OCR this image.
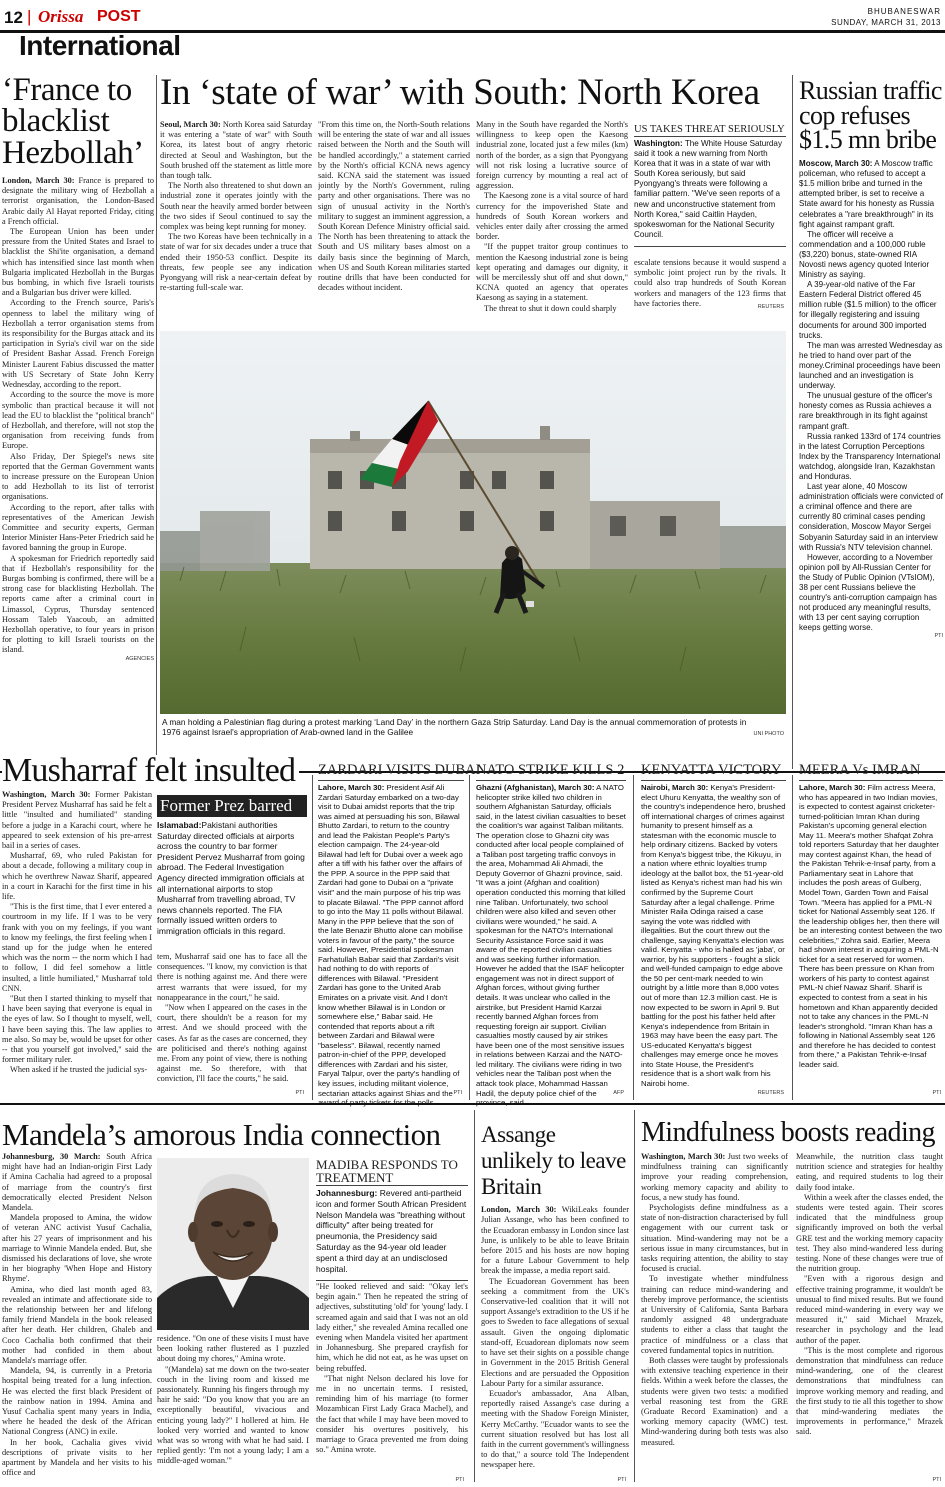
12 | Orissa POST	BHUBANESWAR
SUNDAY, MARCH 31, 2013
International
‘France to blacklist Hezbollah’

London, March 30: France is prepared to designate the military wing of Hezbollah a terrorist organisation, the London-Based Arabic daily Al Hayat reported Friday, citing a French official.

The European Union has been under pressure from the United States and Israel to blacklist the Shi'ite organisation, a demand which has intensified since last month when Bulgaria implicated Hezbollah in the Burgas bus bombing, in which five Israeli tourists and a Bulgarian bus driver were killed.

According to the French source, Paris's openness to label the military wing of Hezbollah a terror organisation stems from its responsibility for the Burgas attack and its participation in Syria's civil war on the side of President Bashar Assad. French Foreign Minister Laurent Fabius discussed the matter with US Secretary of State John Kerry Wednesday, according to the report.

According to the source the move is more symbolic than practical because it will not lead the EU to blacklist the "political branch" of Hezbollah, and therefore, will not stop the organisation from receiving funds from Europe.

Also Friday, Der Spiegel's news site reported that the German Government wants to increase pressure on the European Union to add Hezbollah to its list of terrorist organisations.

According to the report, after talks with representatives of the American Jewish Committee and security experts, German Interior Minister Hans-Peter Friedrich said he favored banning the group in Europe.

A spokesman for Friedrich reportedly said that if Hezbollah's responsibility for the Burgas bombing is confirmed, there will be a strong case for blacklisting Hezbollah. The reports came after a criminal court in Limassol, Cyprus, Thursday sentenced Hossam Taleb Yaacoub, an admitted Hezbollah operative, to four years in prison for plotting to kill Israeli tourists on the island.

AGENCIES
In ‘state of war’ with South: North Korea

Seoul, March 30: North Korea said Saturday it was entering a "state of war" with South Korea, its latest bout of angry rhetoric directed at Seoul and Washington, but the South brushed off the statement as little more than tough talk.

The North also threatened to shut down an industrial zone it operates jointly with the South near the heavily armed border between the two sides if Seoul continued to say the complex was being kept running for money.

The two Koreas have been technically in a state of war for six decades under a truce that ended their 1950-53 conflict. Despite its threats, few people see any indication Pyongyang will risk a near-certain defeat by re-starting full-scale war.

"From this time on, the North-South relations will be entering the state of war and all issues raised between the North and the South will be handled accordingly," a statement carried by the North's official KCNA news agency said. KCNA said the statement was issued jointly by the North's Government, ruling party and other organisations. There was no sign of unusual activity in the North's military to suggest an imminent aggression, a South Korean Defence Ministry official said. The North has been threatening to attack the South and US military bases almost on a daily basis since the beginning of March, when US and South Korean militaries started routine drills that have been conducted for decades without incident.

Many in the South have regarded the North's willingness to keep open the Kaesong industrial zone, located just a few miles (km) north of the border, as a sign that Pyongyang will not risk losing a lucrative source of foreign currency by mounting a real act of aggression.

The Kaesong zone is a vital source of hard currency for the impoverished State and hundreds of South Korean workers and vehicles enter daily after crossing the armed border.

"If the puppet traitor group continues to mention the Kaesong industrial zone is being kept operating and damages our dignity, it will be mercilessly shut off and shut down," KCNA quoted an agency that operates Kaesong as saying in a statement.

The threat to shut it down could sharply

US TAKES THREAT SERIOUSLY
Washington: The White House Saturday said it took a new warning from North Korea that it was in a state of war with South Korea seriously, but said Pyongyang's threats were following a familiar pattern. "We've seen reports of a new and unconstructive statement from North Korea," said Caitlin Hayden, spokeswoman for the National Security Council.

escalate tensions because it would suspend a symbolic joint project run by the rivals. It could also trap hundreds of South Korean workers and managers of the 123 firms that have factories there.	REUTERS
A man holding a Palestinian flag during a protest marking ‘Land Day’ in the northern Gaza Strip Saturday. Land Day is the annual commemoration of protests in 1976 against Israel's appropriation of Arab-owned land in the Galilee	UNI PHOTO
Russian traffic cop refuses $1.5 mn bribe

Moscow, March 30: A Moscow traffic policeman, who refused to accept a $1.5 million bribe and turned in the attempted briber, is set to receive a State award for his honesty as Russia celebrates a "rare breakthrough" in its fight against rampant graft.

The officer will receive a commendation and a 100,000 ruble ($3,220) bonus, state-owned RIA Novosti news agency quoted Interior Ministry as saying.

A 39-year-old native of the Far Eastern Federal District offered 45 million ruble ($1.5 million) to the officer for illegally registering and issuing documents for around 300 imported trucks.

The man was arrested Wednesday as he tried to hand over part of the money.Criminal proceedings have been launched and an investigation is underway.

The unusual gesture of the officer's honesty comes as Russia achieves a rare breakthrough in its fight against rampant graft.

Russia ranked 133rd of 174 countries in the latest Corruption Perceptions Index by the Transparency International watchdog, alongside Iran, Kazakhstan and Honduras.

Last year alone, 40 Moscow administration officials were convicted of a criminal offence and there are currently 80 criminal cases pending consideration, Moscow Mayor Sergei Sobyanin Saturday said in an interview with Russia's NTV television channel.

However, according to a November opinion poll by All-Russian Center for the Study of Public Opinion (VTsIOM), 38 per cent Russians believe the country's anti-corruption campaign has not produced any meaningful results, with 13 per cent saying corruption keeps getting worse.

PTI
Musharraf felt insulted

Washington, March 30: Former Pakistan President Pervez Musharraf has said he felt a little "insulted and humiliated" standing before a judge in a Karachi court, where he appeared to seek extension of his pre-arrest bail in a series of cases.

Musharraf, 69, who ruled Pakistan for about a decade, following a military coup in which he overthrew Nawaz Sharif, appeared in a court in Karachi for the first time in his life.

"This is the first time, that I ever entered a courtroom in my life. If I was to be very frank with you on my feelings, if you want to know my feelings, the first feeling when I stand up for the judge when he entered which was the norm -- the norm which I had to follow, I did feel somehow a little insulted, a little humiliated," Musharraf told CNN.

"But then I started thinking to myself that I have been saying that everyone is equal in the eyes of law. So I thought to myself, well, I have been saying this. The law applies to me also. So may be, would be upset for other -- that you yourself got involved," said the former military ruler.

When asked if he trusted the judicial sys-

Former Prez barred
Islamabad:Pakistani authorities Saturday directed officials at airports across the country to bar former President Pervez Musharraf from going abroad. The Federal Investigation Agency directed immigration officials at all international airports to stop Musharraf from travelling abroad, TV news channels reported. The FIA formally issued written orders to immigration officials in this regard.

tem, Musharraf said one has to face all the consequences. "I know, my conviction is that there is nothing against me. And there were arrest warrants that were issued, for my nonappearance in the court," he said.

"Now when I appeared on the cases in the court, there shouldn't be a reason for my arrest. And we should proceed with the cases. As far as the cases are concerned, they are politicised and there's nothing against me. From any point of view, there is nothing against me. So therefore, with that conviction, I'll face the courts," he said.

PTI
ZARDARI VISITS DUBAI
Lahore, March 30: President Asif Ali Zardari Saturday embarked on a two-day visit to Dubai amidst reports that the trip was aimed at persuading his son, Bilawal Bhutto Zardari, to return to the country and lead the Pakistan People's Party's election campaign. The 24-year-old Bilawal had left for Dubai over a week ago after a tiff with his father over the affairs of the PPP. A source in the PPP said that Zardari had gone to Dubai on a "private visit" and the main purpose of his trip was to placate Bilawal. "The PPP cannot afford to go into the May 11 polls without Bilawal. Many in the PPP believe that the son of the late Benazir Bhutto alone can mobilise voters in favour of the party," the source said. However, Presidential spokesman Farhatullah Babar said that Zardari's visit had nothing to do with reports of differences with Bilawal. "President Zardari has gone to the United Arab Emirates on a private visit. And I don't know whether Bilawal is in London or somewhere else," Babar said. He contended that reports about a rift between Zardari and Bilawal were "baseless". Bilawal, recently named patron-in-chief of the PPP, developed differences with Zardari and his sister, Faryal Talpur, over the party's handling of key issues, including militant violence, sectarian attacks against Shias and the award of party tickets for the polls.
PTI
NATO STRIKE KILLS 2
Ghazni (Afghanistan), March 30: A NATO helicopter strike killed two children in southern Afghanistan Saturday, officials said, in the latest civilian casualties to beset the coalition's war against Taliban militants. The operation close to Ghazni city was conducted after local people complained of a Taliban post targeting traffic convoys in the area, Mohammad Ali Ahmadi, the Deputy Governor of Ghazni province, said. "It was a joint (Afghan and coalition) operation conducted this morning that killed nine Taliban. Unfortunately, two school children were also killed and seven other civilians were wounded," he said. A spokesman for the NATO's International Security Assistance Force said it was aware of the reported civilian casualties and was seeking further information. However he added that the ISAF helicopter engagement was not in direct support of Afghan forces, without giving further details. It was unclear who called in the airstrike, but President Hamid Karzai recently banned Afghan forces from requesting foreign air support. Civilian casualties mostly caused by air strikes have been one of the most sensitive issues in relations between Karzai and the NATO-led military. The civilians were riding in two vehicles near the Taliban post when the attack took place, Mohammad Hassan Hadil, the deputy police chief of the province, said.
AFP
KENYATTA VICTORY
Nairobi, March 30: Kenya's President-elect Uhuru Kenyatta, the wealthy son of the country's independence hero, brushed off international charges of crimes against humanity to present himself as a statesman with the economic muscle to help ordinary citizens. Backed by voters from Kenya's biggest tribe, the Kikuyu, in a nation where ethnic loyalties trump ideology at the ballot box, the 51-year-old listed as Kenya's richest man had his win confirmed by the Supreme Court Saturday after a legal challenge. Prime Minister Raila Odinga raised a case saying the vote was riddled with illegalities. But the court threw out the challenge, saying Kenyatta's election was valid. Kenyatta - who is hailed as 'jaba', or warrior, by his supporters - fought a slick and well-funded campaign to edge above the 50 per cent-mark needed to win outright by a little more than 8,000 votes out of more than 12.3 million cast. He is now expected to be sworn in April 9. But battling for the post his father held after Kenya's independence from Britain in 1963 may have been the easy part. The US-educated Kenyatta's biggest challenges may emerge once he moves into State House, the President's residence that is a short walk from his Nairobi home.
REUTERS
MEERA Vs IMRAN
Lahore, March 30: Film actress Meera, who has appeared in two Indian movies, is expected to contest against cricketer-turned-politician Imran Khan during Pakistan's upcoming general election May 11. Meera's mother Shafqat Zohra told reporters Saturday that her daughter may contest against Khan, the head of the Pakistan Tehrik-e-Insaf party, from a Parliamentary seat in Lahore that includes the posh areas of Gulberg, Model Town, Garden Town and Faisal Town. "Meera has applied for a PML-N ticket for National Assembly seat 126. If the leadership obliges her, then there will be an interesting contest between the two celebrities," Zohra said. Earlier, Meera had shown interest in acquiring a PML-N ticket for a seat reserved for women. There has been pressure on Khan from workers of his party to contest against PML-N chief Nawaz Sharif. Sharif is expected to contest from a seat in his hometown and Khan apparently decided not to take any chances in the PML-N leader's stronghold. "Imran Khan has a following in National Assembly seat 126 and therefore he has decided to contest from there," a Pakistan Tehrik-e-Insaf leader said.
PTI
Mandela’s amorous India connection

Johannesburg, 30 March: South Africa might have had an Indian-origin First Lady if Amina Cachalia had agreed to a proposal of marriage from the country's first democratically elected President Nelson Mandela.

Mandela proposed to Amina, the widow of veteran ANC activist Yusuf Cachalia, after his 27 years of imprisonment and his marriage to Winnie Mandela ended. But, she dismissed his declarations of love, she wrote in her biography 'When Hope and History Rhyme'.

Amina, who died last month aged 83, revealed an intimate and affectionate side to the relationship between her and lifelong family friend Mandela in the book released after her death. Her children, Ghaleb and Coco Cachalia both confirmed that their mother had confided in them about Mandela's marriage offer.

Mandela, 94, is currently in a Pretoria hospital being treated for a lung infection. He was elected the first black President of the rainbow nation in 1994. Amina and Yusuf Cachalia spent many years in India, where he headed the desk of the African National Congress (ANC) in exile.

In her book, Cachalia gives vivid descriptions of private visits to her apartment by Mandela and her visits to his office and

MADIBA RESPONDS TO TREATMENT
Johannesburg: Revered anti-partheid icon and former South African President Nelson Mandela was "breathing without difficulty" after being treated for pneumonia, the Presidency said Saturday as the 94-year old leader spent a third day at an undisclosed hospital.

residence. "On one of these visits I must have been looking rather flustered as I puzzled about doing my chores," Amina wrote.

"(Mandela) sat me down on the two-seater couch in the living room and kissed me passionately. Running his fingers through my hair he said: "Do you know that you are an exceptionally beautiful, vivacious and enticing young lady?" I hollered at him. He looked very worried and wanted to know what was so wrong with what he had said. I replied gently: 'I'm not a young lady; I am a middle-aged woman.'"

"He looked relieved and said: "Okay let's begin again." Then he repeated the string of adjectives, substituting 'old' for 'young' lady. I screamed again and said that I was not an old lady either," she revealed Amina recalled one evening when Mandela visited her apartment in Johannesburg. She prepared crayfish for him, which he did not eat, as he was upset on being rebuffed.

"That night Nelson declared his love for me in no uncertain terms. I resisted, reminding him of his marriage (to former Mozambican First Lady Graca Machel), and the fact that while I may have been moved to consider his overtures positively, his marriage to Graca prevented me from doing so." Amina wrote.

PTI
Assange unlikely to leave Britain

London, March 30: WikiLeaks founder Julian Assange, who has been confined to the Ecuadoran embassy in London since last June, is unlikely to be able to leave Britain before 2015 and his hosts are now hoping for a future Labour Government to help break the impasse, a media report said.

The Ecuadorean Government has been seeking a commitment from the UK's Conservative-led coalition that it will not support Assange's extradition to the US if he goes to Sweden to face allegations of sexual assault. Given the ongoing diplomatic stand-off, Ecuadorean diplomats now seem to have set their sights on a possible change in Government in the 2015 British General Elections and are persuaded the Opposition Labour Party for a similar assurance.

Ecuador's ambassador, Ana Alban, reportedly raised Assange's case during a meeting with the Shadow Foreign Minister, Kerry McCarthy. "Ecuador wants to see the current situation resolved but has lost all faith in the current government's willingness to do that," a source told The Independent newspaper here.

PTI
Mindfulness boosts reading

Washington, March 30: Just two weeks of mindfulness training can significantly improve your reading comprehension, working memory capacity and ability to focus, a new study has found.

Psychologists define mindfulness as a state of non-distraction characterised by full engagement with our current task or situation. Mind-wandering may not be a serious issue in many circumstances, but in tasks requiring attention, the ability to stay focused is crucial.

To investigate whether mindfulness training can reduce mind-wandering and thereby improve performance, the scientists at University of California, Santa Barbara randomly assigned 48 undergraduate students to either a class that taught the practice of mindfulness or a class that covered fundamental topics in nutrition.

Both classes were taught by professionals with extensive teaching experience in their fields. Within a week before the classes, the students were given two tests: a modified verbal reasoning test from the GRE (Graduate Record Examination) and a working memory capacity (WMC) test. Mind-wandering during both tests was also measured.

Meanwhile, the nutrition class taught nutrition science and strategies for healthy eating, and required students to log their daily food intake.

Within a week after the classes ended, the students were tested again. Their scores indicated that the mindfulness group significantly improved on both the verbal GRE test and the working memory capacity test. They also mind-wandered less during testing. None of these changes were true of the nutrition group.

"Even with a rigorous design and effective training programme, it wouldn't be unusual to find mixed results. But we found reduced mind-wandering in every way we measured it," said Michael Mrazek, researcher in psychology and the lead author of the paper.

"This is the most complete and rigorous demonstration that mindfulness can reduce mind-wandering, one of the clearest demonstrations that mindfulness can improve working memory and reading, and the first study to tie all this together to show that mind-wandering mediates the improvements in performance," Mrazek said.

PTI
